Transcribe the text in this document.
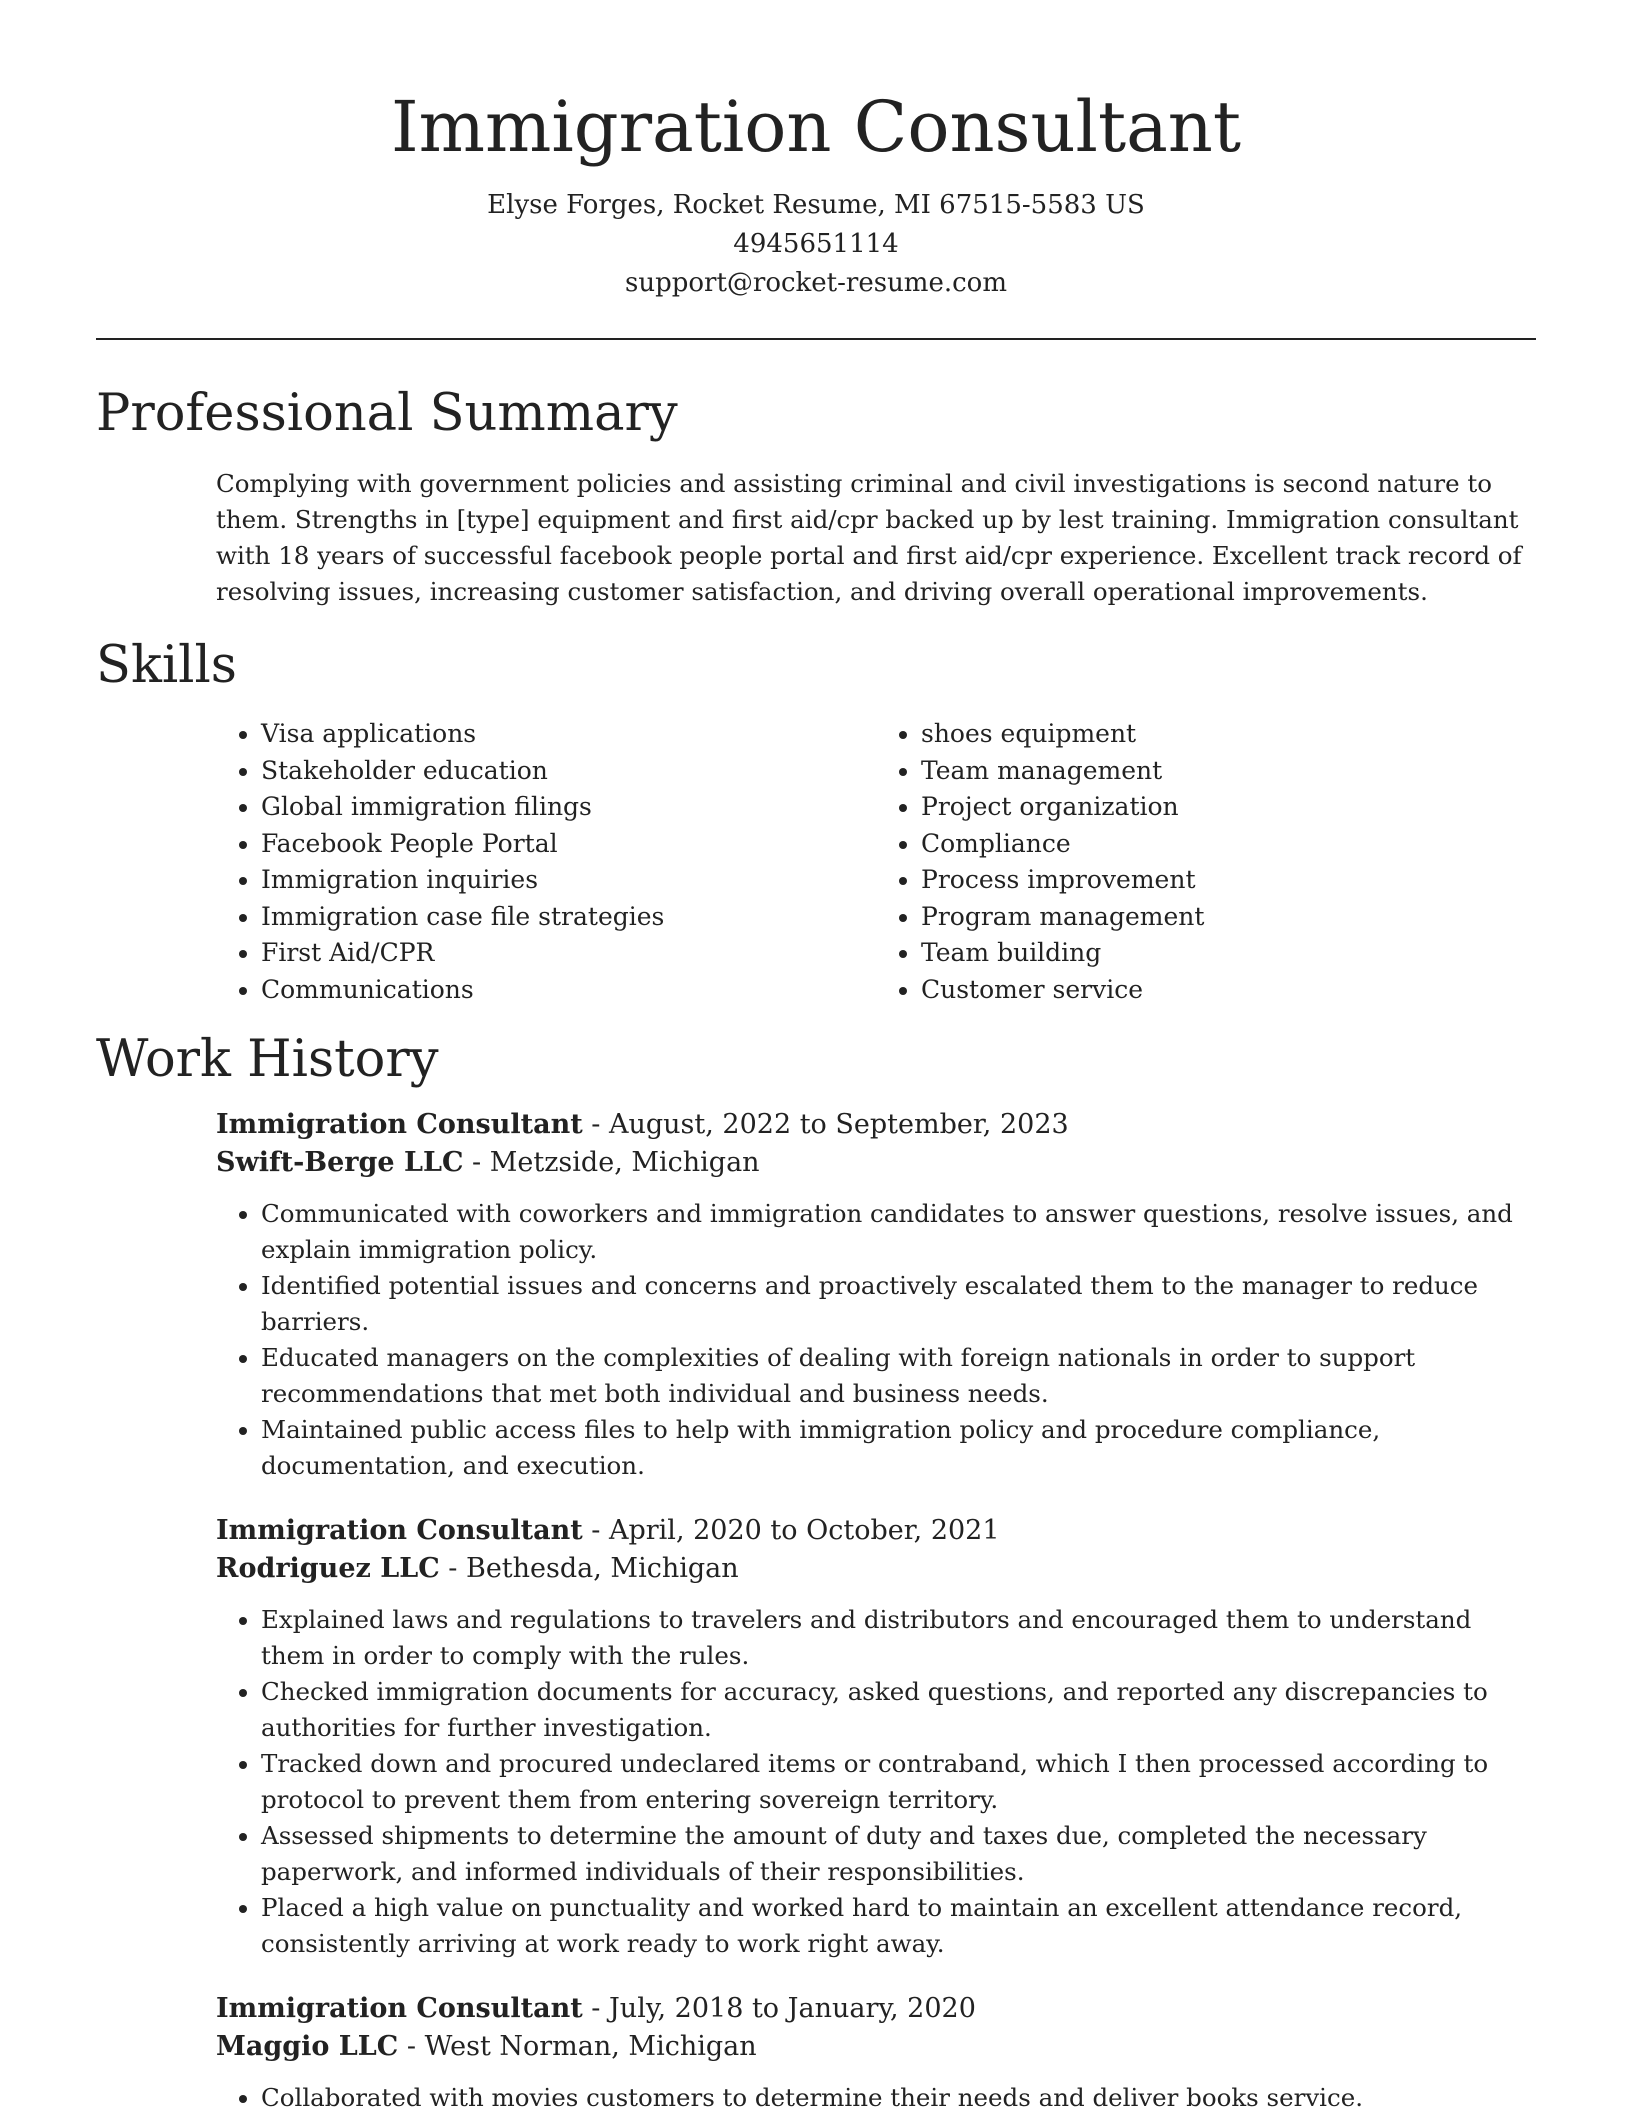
Immigration Consultant
Elyse Forges, Rocket Resume, MI 67515-5583 US
4945651114
support@rocket-resume.com
Professional Summary

Complying with government policies and assisting criminal and civil investigations is second nature to them. Strengths in [type] equipment and first aid/cpr backed up by lest training. Immigration consultant with 18 years of successful facebook people portal and first aid/cpr experience. Excellent track record of resolving issues, increasing customer satisfaction, and driving overall operational improvements.

Skills
• Visa applications
• Stakeholder education
• Global immigration filings
• Facebook People Portal
• Immigration inquiries
• Immigration case file strategies
• First Aid/CPR
• Communications
• shoes equipment
• Team management
• Project organization
• Compliance
• Process improvement
• Program management
• Team building
• Customer service
Work History
Immigration Consultant - August, 2022 to September, 2023
Swift-Berge LLC - Metzside, Michigan
• Communicated with coworkers and immigration candidates to answer questions, resolve issues, and explain immigration policy.
• Identified potential issues and concerns and proactively escalated them to the manager to reduce barriers.
• Educated managers on the complexities of dealing with foreign nationals in order to support recommendations that met both individual and business needs.
• Maintained public access files to help with immigration policy and procedure compliance, documentation, and execution.
Immigration Consultant - April, 2020 to October, 2021
Rodriguez LLC - Bethesda, Michigan
• Explained laws and regulations to travelers and distributors and encouraged them to understand them in order to comply with the rules.
• Checked immigration documents for accuracy, asked questions, and reported any discrepancies to authorities for further investigation.
• Tracked down and procured undeclared items or contraband, which I then processed according to protocol to prevent them from entering sovereign territory.
• Assessed shipments to determine the amount of duty and taxes due, completed the necessary paperwork, and informed individuals of their responsibilities.
• Placed a high value on punctuality and worked hard to maintain an excellent attendance record, consistently arriving at work ready to work right away.
Immigration Consultant - July, 2018 to January, 2020
Maggio LLC - West Norman, Michigan
• Collaborated with movies customers to determine their needs and deliver books service.
